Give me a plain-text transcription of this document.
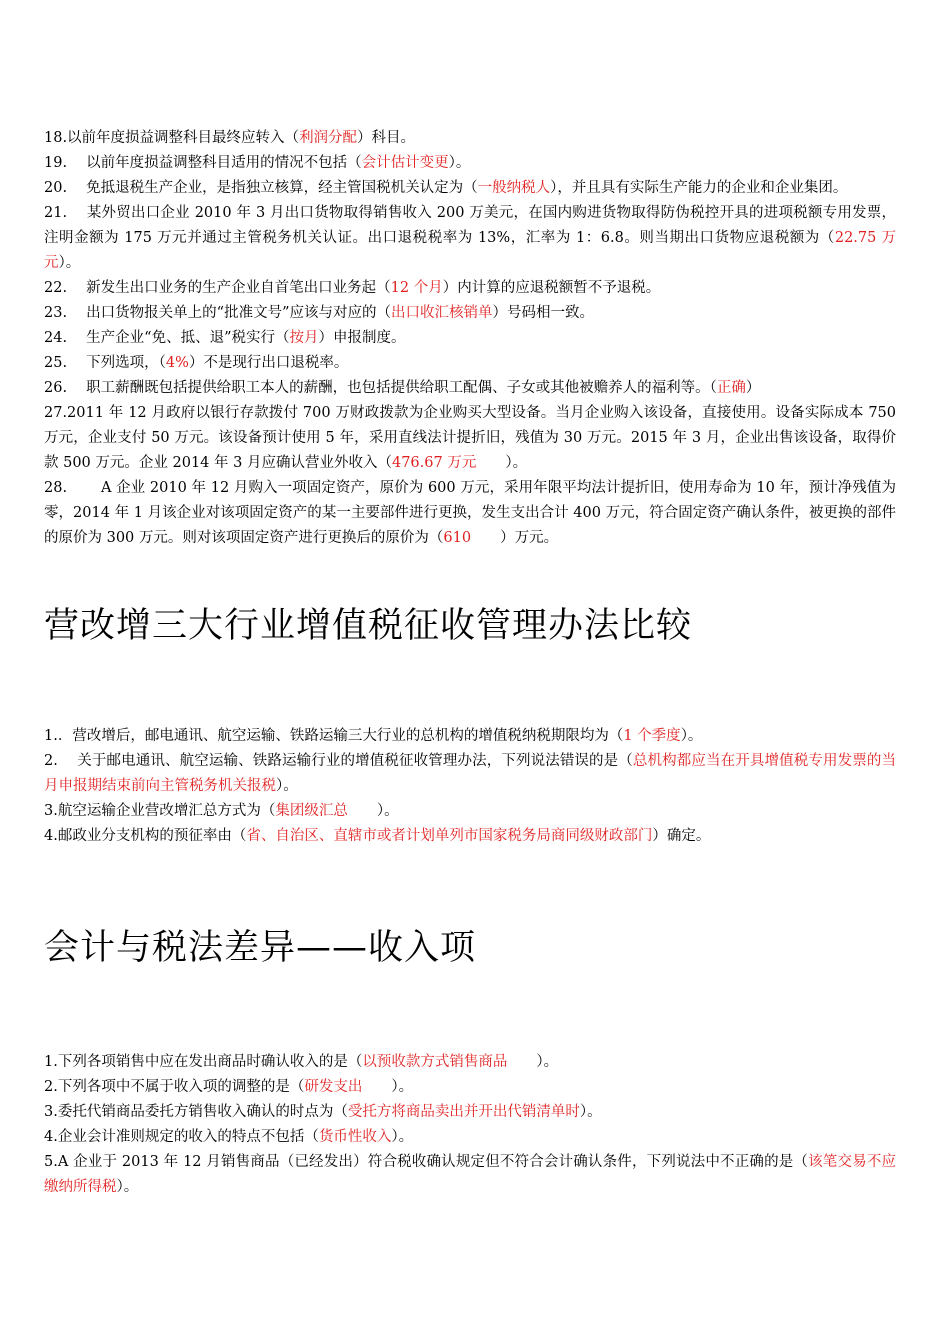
18.以前年度损益调整科目最终应转入（利润分配）科目。

19.　 以前年度损益调整科目适用的情况不包括（会计估计变更）。

20.　 免抵退税生产企业，是指独立核算，经主管国税机关认定为（一般纳税人），并且具有实际生产能力的企业和企业集团。

21.　 某外贸出口企业 2010 年 3 月出口货物取得销售收入 200 万美元，在国内购进货物取得防伪税控开具的进项税额专用发票，注明金额为 175 万元并通过主管税务机关认证。出口退税税率为 13%，汇率为 1：6.8。则当期出口货物应退税额为（22.75 万元）。

22.　 新发生出口业务的生产企业自首笔出口业务起（12 个月）内计算的应退税额暂不予退税。

23.　 出口货物报关单上的“批准文号”应该与对应的（出口收汇核销单）号码相一致。

24.　 生产企业“免、抵、退”税实行（按月）申报制度。

25.　 下列选项，（4%）不是现行出口退税率。

26.　 职工薪酬既包括提供给职工本人的薪酬，也包括提供给职工配偶、子女或其他被赡养人的福利等。（正确）

27.2011 年 12 月政府以银行存款拨付 700 万财政拨款为企业购买大型设备。当月企业购入该设备，直接使用。设备实际成本 750 万元，企业支付 50 万元。该设备预计使用 5 年，采用直线法计提折旧，残值为 30 万元。2015 年 3 月，企业出售该设备，取得价款 500 万元。企业 2014 年 3 月应确认营业外收入（476.67 万元　　）。

28.　 　A 企业 2010 年 12 月购入一项固定资产，原价为 600 万元，采用年限平均法计提折旧，使用寿命为 10 年，预计净残值为零，2014 年 1 月该企业对该项固定资产的某一主要部件进行更换，发生支出合计 400 万元，符合固定资产确认条件，被更换的部件的原价为 300 万元。则对该项固定资产进行更换后的原价为（610　　）万元。

营改增三大行业增值税征收管理办法比较

1.．营改增后，邮电通讯、航空运输、铁路运输三大行业的总机构的增值税纳税期限均为（1 个季度）。

2.　 关于邮电通讯、航空运输、铁路运输行业的增值税征收管理办法，下列说法错误的是（总机构都应当在开具增值税专用发票的当月申报期结束前向主管税务机关报税）。

3.航空运输企业营改增汇总方式为（集团级汇总　　）。

4.邮政业分支机构的预征率由（省、自治区、直辖市或者计划单列市国家税务局商同级财政部门）确定。

会计与税法差异——收入项

1.下列各项销售中应在发出商品时确认收入的是（以预收款方式销售商品　　）。

2.下列各项中不属于收入项的调整的是（研发支出　　）。

3.委托代销商品委托方销售收入确认的时点为（受托方将商品卖出并开出代销清单时）。

4.企业会计准则规定的收入的特点不包括（货币性收入）。

5.A 企业于 2013 年 12 月销售商品（已经发出）符合税收确认规定但不符合会计确认条件，下列说法中不正确的是（该笔交易不应缴纳所得税）。
